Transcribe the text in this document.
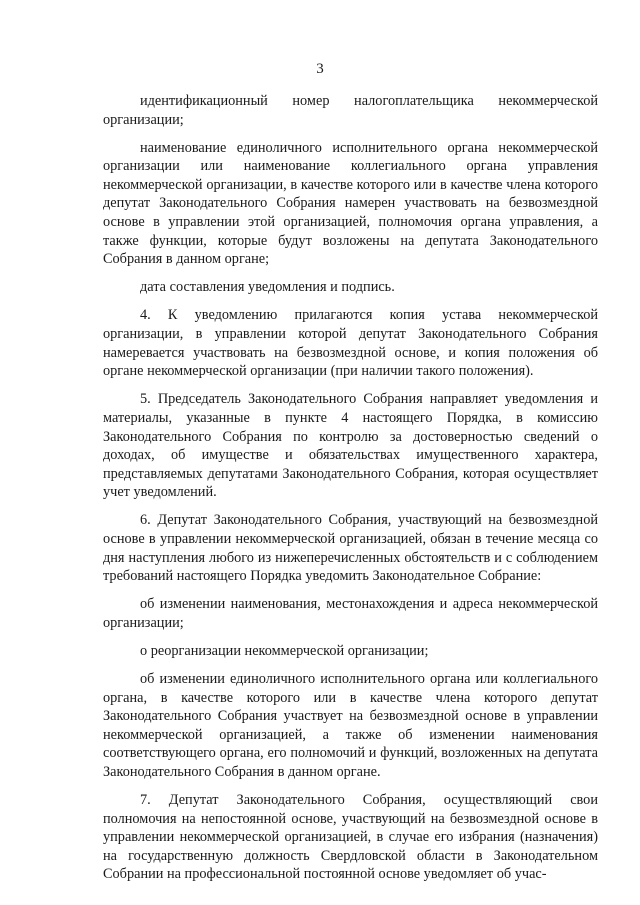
3

идентификационный номер налогоплательщика некоммерческой организации;

наименование единоличного исполнительного органа некоммерческой организации или наименование коллегиального органа управления некоммерческой организации, в качестве которого или в качестве члена которого депутат Законодательного Собрания намерен участвовать на безвозмездной основе в управлении этой организацией, полномочия органа управления, а также функции, которые будут возложены на депутата Законодательного Собрания в данном органе;

дата составления уведомления и подпись.

4. К уведомлению прилагаются копия устава некоммерческой организации, в управлении которой депутат Законодательного Собрания намеревается участвовать на безвозмездной основе, и копия положения об органе некоммерческой организации (при наличии такого положения).

5. Председатель Законодательного Собрания направляет уведомления и материалы, указанные в пункте 4 настоящего Порядка, в комиссию Законодательного Собрания по контролю за достоверностью сведений о доходах, об имуществе и обязательствах имущественного характера, представляемых депутатами Законодательного Собрания, которая осуществляет учет уведомлений.

6. Депутат Законодательного Собрания, участвующий на безвозмездной основе в управлении некоммерческой организацией, обязан в течение месяца со дня наступления любого из нижеперечисленных обстоятельств и с соблюдением требований настоящего Порядка уведомить Законодательное Собрание:

об изменении наименования, местонахождения и адреса некоммерческой организации;

о реорганизации некоммерческой организации;

об изменении единоличного исполнительного органа или коллегиального органа, в качестве которого или в качестве члена которого депутат Законодательного Собрания участвует на безвозмездной основе в управлении некоммерческой организацией, а также об изменении наименования соответствующего органа, его полномочий и функций, возложенных на депутата Законодательного Собрания в данном органе.

7. Депутат Законодательного Собрания, осуществляющий свои полномочия на непостоянной основе, участвующий на безвозмездной основе в управлении некоммерческой организацией, в случае его избрания (назначения) на государственную должность Свердловской области в Законодательном Собрании на профессиональной постоянной основе уведомляет об учас-
